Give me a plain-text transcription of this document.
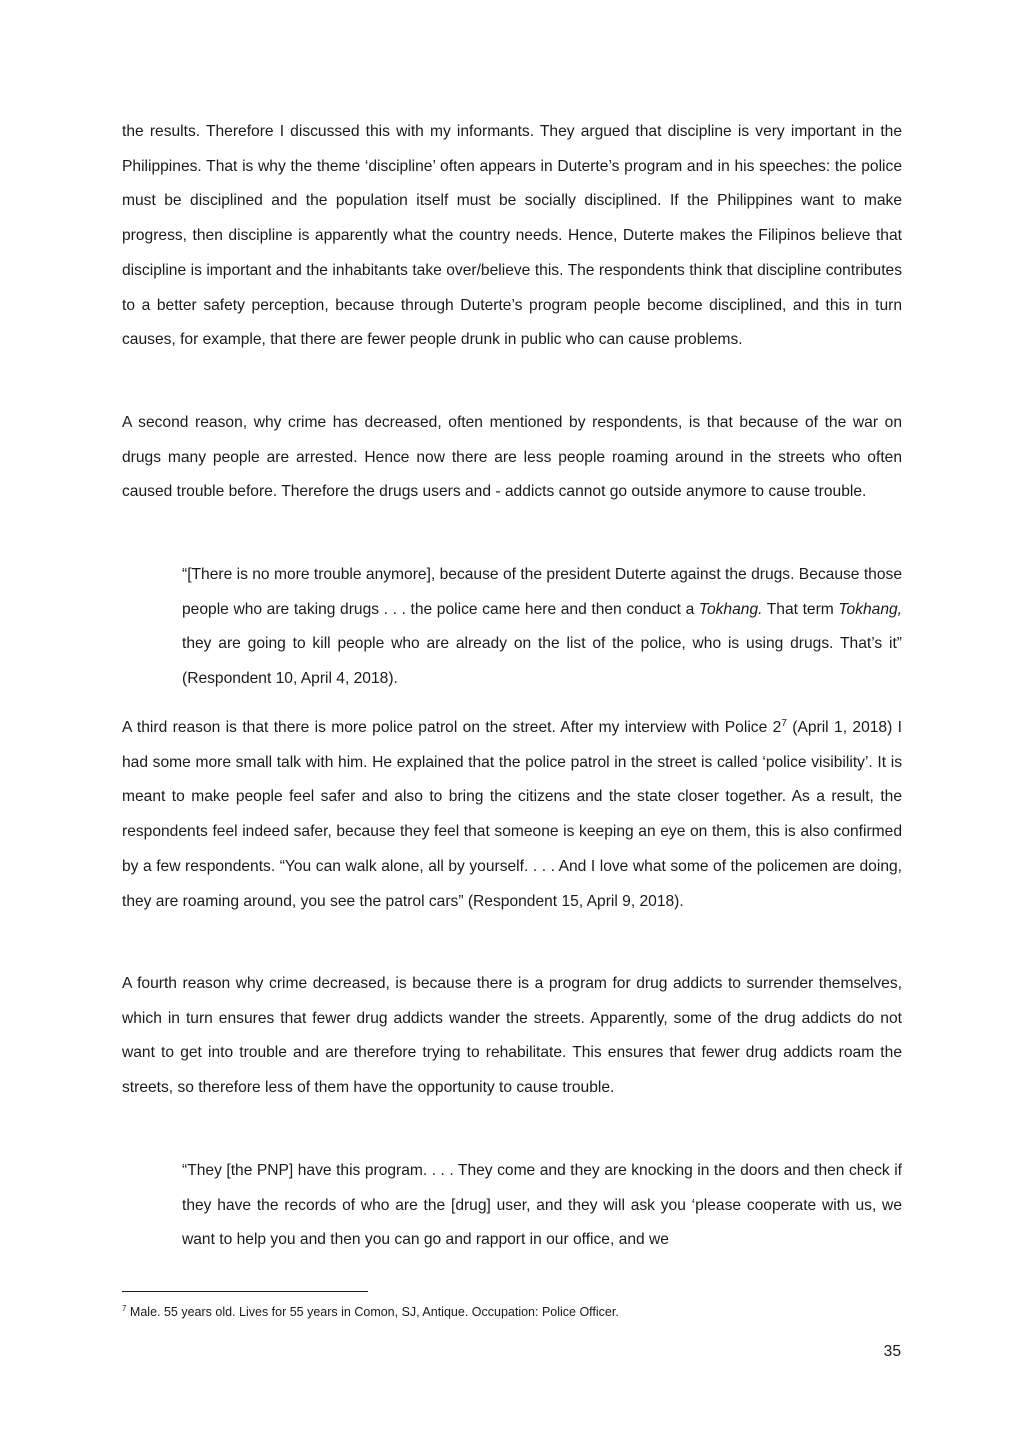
the results. Therefore I discussed this with my informants. They argued that discipline is very important in the Philippines. That is why the theme ‘discipline’ often appears in Duterte’s program and in his speeches: the police must be disciplined and the population itself must be socially disciplined. If the Philippines want to make progress, then discipline is apparently what the country needs. Hence, Duterte makes the Filipinos believe that discipline is important and the inhabitants take over/believe this. The respondents think that discipline contributes to a better safety perception, because through Duterte’s program people become disciplined, and this in turn causes, for example, that there are fewer people drunk in public who can cause problems.

A second reason, why crime has decreased, often mentioned by respondents, is that because of the war on drugs many people are arrested. Hence now there are less people roaming around in the streets who often caused trouble before. Therefore the drugs users and - addicts cannot go outside anymore to cause trouble.

“[There is no more trouble anymore], because of the president Duterte against the drugs. Because those people who are taking drugs . . . the police came here and then conduct a Tokhang. That term Tokhang, they are going to kill people who are already on the list of the police, who is using drugs. That’s it” (Respondent 10, April 4, 2018).

A third reason is that there is more police patrol on the street. After my interview with Police $2^7$ (April 1, 2018) I had some more small talk with him. He explained that the police patrol in the street is called ‘police visibility’. It is meant to make people feel safer and also to bring the citizens and the state closer together. As a result, the respondents feel indeed safer, because they feel that someone is keeping an eye on them, this is also confirmed by a few respondents. “You can walk alone, all by yourself. . . . And I love what some of the policemen are doing, they are roaming around, you see the patrol cars” (Respondent 15, April 9, 2018).

A fourth reason why crime decreased, is because there is a program for drug addicts to surrender themselves, which in turn ensures that fewer drug addicts wander the streets. Apparently, some of the drug addicts do not want to get into trouble and are therefore trying to rehabilitate. This ensures that fewer drug addicts roam the streets, so therefore less of them have the opportunity to cause trouble.

“They [the PNP] have this program. . . . They come and they are knocking in the doors and then check if they have the records of who are the [drug] user, and they will ask you ‘please cooperate with us, we want to help you and then you can go and rapport in our office, and we

$^7$ Male. 55 years old. Lives for 55 years in Comon, SJ, Antique. Occupation: Police Officer.

35
